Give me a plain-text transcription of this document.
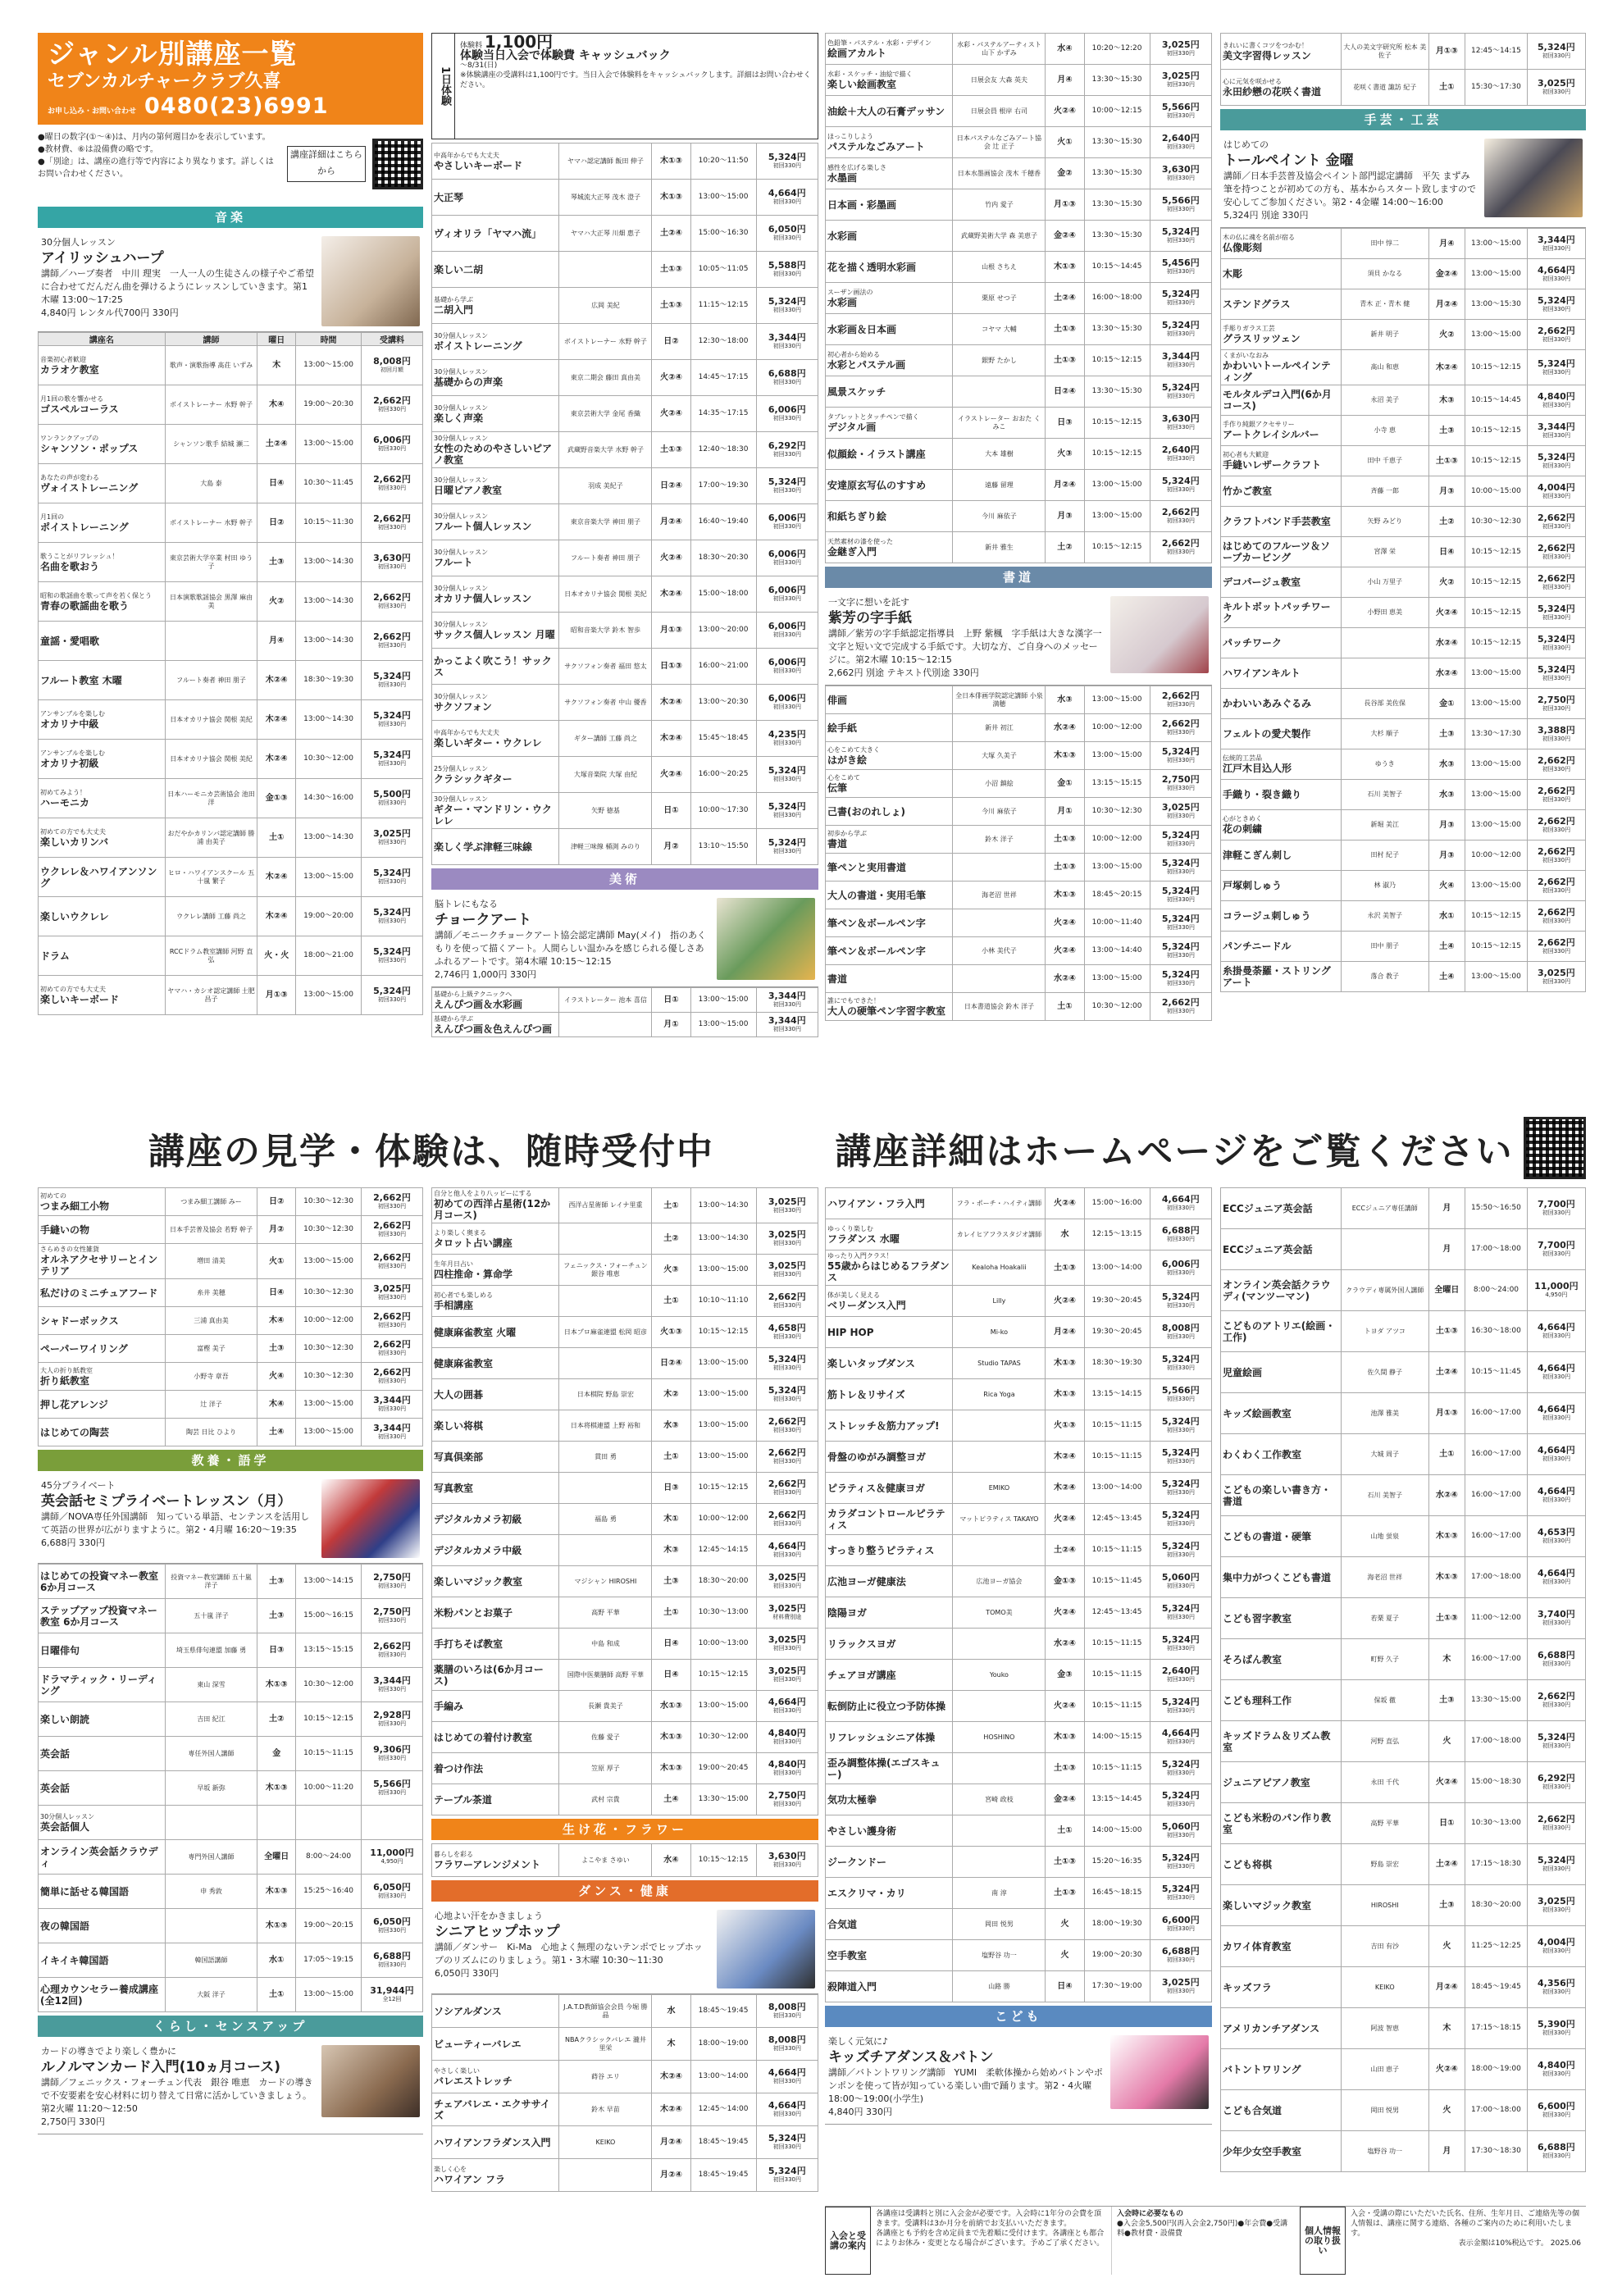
ジャンル別講座一覧
セブンカルチャークラブ久喜
お申し込み・お問い合わせ 0480(23)6991
●曜日の数字(①〜④)は、月内の第何週目かを表示しています。
●教材費、⑥は設備費の略です。
●「別途」は、講座の進行等で内容により異なります。詳しくはお問い合わせください。
講座詳細はこちらから
音楽
30分個人レッスン
アイリッシュハープ
講師／ハープ奏者　中川 理実　一人一人の生徒さんの様子やご希望に合わせてだんだん曲を弾けるようにレッスンしていきます。第1木曜 13:00〜17:25
4,840円 レンタル代700円 330円
講座名	講師	曜日	時間	受講料

音楽初心者歓迎
カラオケ教室	歌声・演歌指導 髙荘 いずみ	木	13:00〜15:00	8,008円
初回月額

月1回の歌を響かせる
ゴスペルコーラス	ボイストレーナー 水野 幹子	木④	19:00〜20:30	2,662円
初回330円

ワンランクアップの
シャンソン・ポップス	シャンソン歌手 結城 瀬二	土②④	13:00〜15:00	6,006円
初回330円

あなたの声が変わる
ヴォイストレーニング	大島 泰	日④	10:30〜11:45	2,662円
初回330円

月1回の
ポイストレーニング	ボイストレーナー 水野 幹子	日②	10:15〜11:30	2,662円
初回330円

歌うことがリフレッシュ！
名曲を歌おう	東京芸術大学卒業 村田 ゆう子	土③	13:00〜14:30	3,630円
初回330円

昭和の歌謡曲を歌って声を若く保とう
青春の歌謡曲を歌う	日本演歌歌謡協会 黒澤 麻由美	火②	13:00〜14:30	2,662円
初回330円

童謡・愛唱歌		月④	13:00〜14:30	2,662円
初回330円

フルート教室 木曜	フルート奏者 神田 朋子	木②④	18:30〜19:30	5,324円
初回330円

アンサンブルを楽しむ
オカリナ中級	日本オカリナ協会 関根 美紀	木②④	13:00〜14:30	5,324円
初回330円

アンサンブルを楽しむ
オカリナ初級	日本オカリナ協会 関根 美紀	木②④	10:30〜12:00	5,324円
初回330円

初めてみよう！
ハーモニカ	日本ハーモニカ芸術協会 池田 洋	金①③	14:30〜16:00	5,500円
初回330円

初めての方でも大丈夫
楽しいカリンバ	おだやかカリンバ認定講師 勝浦 由美子	土①	13:00〜14:30	3,025円
初回330円

ウクレレ＆ハワイアンソング	ヒロ・ハワイアンスクール 五十嵐 繁子	木②④	13:00〜15:00	5,324円
初回330円

楽しいウクレレ	ウクレレ講師 工藤 尚之	木②④	19:00〜20:00	5,324円
初回330円

ドラム	RCCドラム教室講師 河野 直弘	火・火	18:00〜21:00	5,324円
初回330円

初めての方でも大丈夫
楽しいキーボード	ヤマハ・カシオ認定講師 土肥 昌子	月①③	13:00〜15:00	5,324円
初回330円
1日体験
体験料 1,100円
体験当日入会で体験費 キャッシュバック
〜8/31(日)
※体験講座の受講料は1,100円です。当日入会で体験料をキャッシュバックします。詳細はお問い合わせください。
中高年からでも大丈夫
やさしいキーボード	ヤマハ認定講師 飯田 伸子	木①③	10:20〜11:50	5,324円
初回330円

大正琴	琴城流大正琴 茂木 澄子	木①③	13:00〜15:00	4,664円
初回330円

ヴィオリラ「ヤマハ流」	ヤマハ大正琴 川畑 惠子	土②④	15:00〜16:30	6,050円
初回330円

楽しい二胡		土①③	10:05〜11:05	5,588円
初回330円

基礎から学ぶ
二胡入門	広岡 美紀	土①③	11:15〜12:15	5,324円
初回330円

30分個人レッスン
ボイストレーニング	ボイストレーナー 水野 幹子	日②	12:30〜18:00	3,344円
初回330円

30分個人レッスン
基礎からの声楽	東京二期会 藤田 真由美	火②④	14:45〜17:15	6,688円
初回330円

30分個人レッスン
楽しく声楽	東京芸術大学 金尾 香織	火②④	14:35〜17:15	6,006円
初回330円

30分個人レッスン
女性のためのやさしいピアノ教室	武蔵野音楽大学 水野 幹子	土①③	12:40〜18:30	6,292円
初回330円

30分個人レッスン
日曜ピアノ教室	羽成 美紀子	日②④	17:00〜19:30	5,324円
初回330円

30分個人レッスン
フルート個人レッスン	東京音楽大学 神田 朋子	月②④	16:40〜19:40	6,006円
初回330円

30分個人レッスン
フルート	フルート奏者 神田 朋子	火②④	18:30〜20:30	6,006円
初回330円

30分個人レッスン
オカリナ個人レッスン	日本オカリナ協会 関根 美紀	木②④	15:00〜18:00	6,006円
初回330円

30分個人レッスン
サックス個人レッスン 月曜	昭和音楽大学 鈴木 智歩	月①③	13:00〜20:00	6,006円
初回330円

かっこよく吹こう！サックス	サクソフォン奏者 福田 悠太	日①③	16:00〜21:00	6,006円
初回330円

30分個人レッスン
サクソフォン	サクソフォン奏者 中山 優香	木②④	13:00〜20:30	6,006円
初回330円

中高年からでも大丈夫
楽しいギター・ウクレレ	ギター講師 工藤 尚之	木②④	15:45〜18:45	4,235円
初回330円

25分個人レッスン
クラシックギター	大塚音楽院 大塚 由紀	火②④	16:00〜20:25	5,324円
初回330円

30分個人レッスン
ギター・マンドリン・ウクレレ	矢野 徳基	日①	10:00〜17:30	5,324円
初回330円

楽しく学ぶ津軽三味線	津軽三味線 桶渕 みのり	月②	13:10〜15:50	5,324円
初回330円
美術
脳トレにもなる
チョークアート
講師／モニークチョークアート協会認定講師 May(メイ)　指のあくもりを使って描くアート。人間らしい温かみを感じられる優しさあふれるアートです。第4木曜 10:15〜12:15
2,746円 1,000円 330円
基礎から上級テクニックへ
えんぴつ画＆水彩画	イラストレーター 池本 喜信	日①	13:00〜15:00	3,344円
初回330円

基礎から学ぶ
えんぴつ画＆色えんぴつ画		月①	13:00〜15:00	3,344円
初回330円
色鉛筆・パステル・水彩・デザイン
絵画アカルト	水彩・パステルアーティスト 山下 かずみ	水④	10:20〜12:20	3,025円
初回330円

水彩・スケッチ・油絵で描く
楽しい絵画教室	日展会友 大森 英夫	月④	13:30〜15:30	3,025円
初回330円

油絵＋大人の石膏デッサン	日展会員 根岸 右司	火②④	10:00〜12:15	5,566円
初回330円

ほっこりしよう
パステルなごみアート	日本パステルなごみアート協会 辻 正子	火①	13:30〜15:30	2,640円
初回330円

感性を広げる楽しさ
水墨画	日本水墨画協会 茂木 千穂香	金②	13:30〜15:30	3,630円
初回330円

日本画・彩墨画	竹内 愛子	月①③	13:30〜15:30	5,566円
初回330円

水彩画	武蔵野美術大学 森 美恵子	金②④	13:30〜15:30	5,324円
初回330円

花を描く透明水彩画	山根 さちえ	木①③	10:15〜14:45	5,456円
初回330円

スーザン画法の
水彩画	栗原 せつ子	土②④	16:00〜18:00	5,324円
初回330円

水彩画＆日本画	コヤマ 大輔	土①③	13:30〜15:30	5,324円
初回330円

初心者から始める
水彩とパステル画	銀野 たかし	土①③	10:15〜12:15	3,344円
初回330円

風景スケッチ		日②④	13:30〜15:30	5,324円
初回330円

タブレットとタッチペンで描く
デジタル画	イラストレーター おおた くみこ	日③	10:15〜12:15	3,630円
初回330円

似顔絵・イラスト講座	大本 雄樹	火③	10:15〜12:15	2,640円
初回330円

安達原玄写仏のすすめ	遠藤 留理	月②④	13:00〜15:00	5,324円
初回330円

和紙ちぎり絵	今川 麻依子	月③	13:00〜15:00	2,662円
初回330円

天然素材の漆を使った
金継ぎ入門	新井 雅生	土②	10:15〜12:15	2,662円
初回330円
書道
一文字に想いを託す
紫芳の字手紙
講師／紫芳の字手紙認定指導員　上野 紫楓　字手紙は大きな漢字一文字と短い文で完成する手紙です。大切な方、ご自身へのメッセージに。第2木曜 10:15〜12:15
2,662円 別途 テキスト代別途 330円
俳画	全日本俳画学院認定講師 小泉 満穂	水③	13:00〜15:00	2,662円
初回330円

絵手紙	新井 初江	水②④	10:00〜12:00	2,662円
初回330円

心をこめて大きく
はがき絵	大塚 久美子	木①③	13:00〜15:00	5,324円
初回330円

心をこめて
伝筆	小沼 鎮絵	金①	13:15〜15:15	2,750円
初回330円

己書(おのれしょ)	今川 麻依子	月①	10:30〜12:30	3,025円
初回330円

初歩から学ぶ
書道	鈴木 洋子	土①③	10:00〜12:00	5,324円
初回330円

筆ペンと実用書道		土①③	13:00〜15:00	5,324円
初回330円

大人の書道・実用毛筆	海老沼 世祥	木①③	18:45〜20:15	5,324円
初回330円

筆ペン＆ボールペン字		火②④	10:00〜11:40	5,324円
初回330円

筆ペン＆ボールペン字	小林 美代子	火②④	13:00〜14:40	5,324円
初回330円

書道		水②④	13:00〜15:00	5,324円
初回330円

誰にでもできた！
大人の硬筆ペン字習字教室	日本書道協会 鈴木 洋子	土①	10:30〜12:00	2,662円
初回330円
きれいに書くコツをつかむ！
美文字習得レッスン	大人の美文字研究所 松本 美佐子	月①③	12:45〜14:15	5,324円
初回330円

心に元気を咲かせる
永田紗戀の花咲く書道	花咲く書道 諏訪 紀子	土①	15:30〜17:30	3,025円
初回330円
手芸・工芸
はじめての
トールペイント 金曜
講師／日本手芸普及協会ペイント部門認定講師　平矢 まずみ　筆を持つことが初めての方も、基本からスタート致しますので安心してご参加ください。第2・4金曜 14:00〜16:00
5,324円 別途 330円
木の仏に魂を名前が宿る
仏像彫刻	田中 惇二	月④	13:00〜15:00	3,344円
初回330円

木彫	須貝 かなる	金②④	13:00〜15:00	4,664円
初回330円

ステンドグラス	青木 正・青木 健	月②④	13:00〜15:30	5,324円
初回330円

手彫りガラス工芸
グラスリッツェン	新井 明子	火②	13:00〜15:00	2,662円
初回330円

くまがいなおみ
かわいいトールペインティング	髙山 和恵	木②④	10:15〜12:15	5,324円
初回330円

モルタルデコ入門(6か月コース)	永沼 美子	木③	10:15〜14:45	4,840円
初回330円

手作り純銀アクセサリー
アートクレイシルバー	小寺 恵	土③	10:15〜12:15	3,344円
初回330円

初心者も大歓迎
手縫いレザークラフト	田中 千恵子	土①③	10:15〜12:15	5,324円
初回330円

竹かご教室	斉藤 一郎	月③	10:00〜15:00	4,004円
初回330円

クラフトバンド手芸教室	矢野 みどり	土②	10:30〜12:30	2,662円
初回330円

はじめてのフルーツ＆ソープカービング	宮澤 栄	日④	10:15〜12:15	2,662円
初回330円

デコパージュ教室	小山 万里子	火②	10:15〜12:15	2,662円
初回330円

キルトボットパッチワーク	小野田 恵美	火②④	10:15〜12:15	5,324円
初回330円

パッチワーク		水②④	10:15〜12:15	5,324円
初回330円

ハワイアンキルト		水②④	13:00〜15:00	5,324円
初回330円

かわいいあみぐるみ	長谷部 美佐保	金①	13:00〜15:00	2,750円
初回330円

フェルトの愛犬製作	大杉 順子	土③	13:30〜17:30	3,388円
初回330円

伝統的工芸品
江戸木目込人形	ゆうき	水③	13:00〜15:00	2,662円
初回330円

手織り・裂き織り	石川 美智子	水③	13:00〜15:00	2,662円
初回330円

心がときめく
花の刺繍	新堀 美江	月③	13:00〜15:00	2,662円
初回330円

津軽こぎん刺し	田村 紀子	月③	10:00〜12:00	2,662円
初回330円

戸塚刺しゅう	林 淑乃	火④	13:00〜15:00	2,662円
初回330円

コラージュ刺しゅう	永沢 美智子	水①	10:15〜12:15	2,662円
初回330円

パンチニードル	田中 朋子	土④	10:15〜12:15	2,662円
初回330円

糸掛曼荼羅・ストリングアート	落合 教子	土④	13:00〜15:00	3,025円
初回330円
講座の見学・体験は、随時受付中	講座詳細はホームページをご覧ください
初めての
つまみ細工小物	つまみ細工講師 みー	日②	10:30〜12:30	2,662円
初回330円

手縫いの物	日本手芸普及協会 若野 幹子	月②	10:30〜12:30	2,662円
初回330円

さらめきの女性雑貨
オルネアクセサリーとインテリア	増田 清美	火①	13:00〜15:00	2,662円
初回330円

私だけのミニチュアフード	糸井 美穂	日④	10:30〜12:30	3,025円
初回330円

シャドーボックス	三浦 真由美	木④	10:00〜12:00	2,662円
初回330円

ペーパーワイリング	富樫 美子	土③	10:30〜12:30	2,662円
初回330円

大人の折り紙教室
折り紙教室	小野寺 章吾	火④	10:30〜12:30	2,662円
初回330円

押し花アレンジ	辻 洋子	木④	13:00〜15:00	3,344円
初回330円

はじめての陶芸	陶芸 日比 ひより	土④	13:00〜15:00	3,344円
初回330円
教養・語学
45分プライベート
英会話セミプライベートレッスン（月）
講師／NOVA専任外国講師　知っている単語、センテンスを活用して英語の世界が広がりますように。第2・4月曜 16:20〜19:35
6,688円 330円
はじめての投資マネー教室 6か月コース	投資マネー教室講師 五十嵐 洋子	土③	13:00〜14:15	2,750円
初回330円

ステップアップ投資マネー教室 6か月コース	五十嵐 洋子	土③	15:00〜16:15	2,750円
初回330円

日曜俳句	埼玉県俳句連盟 加藤 勇	日③	13:15〜15:15	2,662円
初回330円

ドラマティック・リーディング	東山 深雪	木①③	10:30〜12:00	3,344円
初回330円

楽しい朗読	吉田 紀江	土②	10:15〜12:15	2,928円
初回330円

英会話	専任外国人講師	金	10:15〜11:15	9,306円
初回330円

英会話	早坂 新弥	木①③	10:00〜11:20	5,566円
初回330円

30分個人レッスン
英会話個人				

オンライン英会話クラウディ	専門外国人講師	全曜日	8:00〜24:00	11,000円
4,950円

簡単に話せる韓国語	申 秀敦	木①③	15:25〜16:40	6,050円
初回330円

夜の韓国語		木①③	19:00〜20:15	6,050円
初回330円

イキイキ韓国語	韓国語講師	水①	17:05〜19:15	6,688円
初回330円

心理カウンセラー養成講座(全12回)	大阪 洋子	土①	13:00〜15:00	31,944円
全12回
くらし・センスアップ
カードの導きでより楽しく豊かに
ルノルマンカード入門(10ヵ月コース)
講師／フェニックス・フォーチュン代表　銀谷 唯恵　カードの導きで不安要素を安心材料に切り替えて日常に活かしていきましょう。第2火曜 11:20〜12:50
2,750円 330円
自分と他人をより八ッピーにする
初めての西洋占星術(12か月コース)	西洋占星術師 レイナ里重	土①	13:00〜14:30	3,025円
初回330円

より楽しく奥まる
タロット占い講座		土②	13:00〜14:30	3,025円
初回330円

生年月日占い
四柱推命・算命学	フェニックス・フォーチュン 銀谷 唯恵	火③	13:00〜15:00	3,025円
初回330円

初心者でも楽しめる
手相講座		土①	10:10〜11:10	2,662円
初回330円

健康麻雀教室 火曜	日本プロ麻雀連盟 松岡 昭彦	火①③	10:15〜12:15	4,658円
初回330円

健康麻雀教室		日②④	13:00〜15:00	5,324円
初回330円

大人の囲碁	日本棋院 野島 崇宏	木②	13:00〜15:00	5,324円
初回330円

楽しい将棋	日本将棋連盟 上野 裕和	水③	13:00〜15:00	2,662円
初回330円

写真倶楽部	貫田 勇	土①	13:00〜15:00	2,662円
初回330円

写真教室		日③	10:15〜12:15	2,662円
初回330円

デジタルカメラ初級	福島 勇	木①	10:00〜12:00	2,662円
初回330円

デジタルカメラ中級		木③	12:45〜14:15	4,664円
初回330円

楽しいマジック教室	マジシャン HIROSHI	土③	18:30〜20:00	3,025円
初回330円

米粉パンとお菓子	高野 平華	土①	10:30〜13:00	3,025円
材料費別途

手打ちそば教室	中島 和成	日④	10:00〜13:00	3,025円
初回330円

薬膳のいろは(6か月コース)	国際中医薬膳師 高野 平華	日④	10:15〜12:15	3,025円
初回330円

手編み	長瀬 貴美子	水①③	13:00〜15:00	4,664円
初回330円

はじめての着付け教室	佐藤 愛子	木①③	10:30〜12:00	4,840円
初回330円

着つけ作法	笠原 厚子	木①③	19:00〜20:45	4,840円
初回330円

テーブル茶道	武村 宗貴	土④	13:30〜15:00	2,750円
初回330円
生け花・フラワー
暮らしを彩る
フラワーアレンジメント	よこやま さゆい	水④	10:15〜12:15	3,630円
初回330円
ダンス・健康
心地よい汗をかきましょう
シニアヒップホップ
講師／ダンサー　Ki-Ma　心地よく無理のないテンポでヒップホップのリズムにのりましょう。第1・3木曜 10:30〜11:30
6,050円 330円
ソシアルダンス	J.A.T.D教師協会会員 今堀 勝晶	水	18:45〜19:45	8,008円
初回330円

ビューティーバレエ	NBAクラシックバレエ 瀧井 里栄	木	18:00〜19:00	8,008円
初回330円

やさしく楽しい
バレエストレッチ	蒔谷 エリ	木②④	13:00〜14:00	4,664円
初回330円

チェアバレエ・エクササイズ	鈴木 早苗	木②④	12:45〜14:00	4,664円
初回330円

ハワイアンフラダンス入門	KEIKO	月②④	18:45〜19:45	5,324円
初回330円

楽しく心を
ハワイアン フラ		月②④	18:45〜19:45	5,324円
初回330円
ハワイアン・フラ入門	フラ・ポーチ・ハイティ講師	火②④	15:00〜16:00	4,664円
初回330円

ゆっくり楽しむ
フラダンス 水曜	カレイヒアフラスタジオ講師	水	12:15〜13:15	6,688円
初回330円

ゆったり入門クラス！
55歳からはじめるフラダンス	Kealoha Hoakalii	土①③	13:00〜14:00	6,006円
初回330円

体が美しく見える
ベリーダンス入門	Lilly	火②④	19:30〜20:45	5,324円
初回330円

HIP HOP	Mi-ko	月②④	19:30〜20:45	8,008円
初回330円

楽しいタップダンス	Studio TAPAS	木①③	18:30〜19:30	5,324円
初回330円

筋トレ＆リサイズ	Rica Yoga	木①③	13:15〜14:15	5,566円
初回330円

ストレッチ＆筋力アップ!		火①③	10:15〜11:15	5,324円
初回330円

骨盤のゆがみ調整ヨガ		木②④	10:15〜11:15	5,324円
初回330円

ピラティス＆健康ヨガ	EMIKO	木②④	13:00〜14:00	5,324円
初回330円

カラダコントロールピラティス	マットピラティス TAKAYO	火②④	12:45〜13:45	5,324円
初回330円

すっきり整うピラティス		土②④	10:15〜11:15	5,324円
初回330円

広池ヨーガ健康法	広池ヨーガ協会	金①③	10:15〜11:45	5,060円
初回330円

陰陽ヨガ	TOMO美	火②④	12:45〜13:45	5,324円
初回330円

リラックスヨガ		水②④	10:15〜11:15	5,324円
初回330円

チェアヨガ講座	Youko	金③	10:15〜11:15	2,640円
初回330円

転倒防止に役立つ予防体操		火②④	10:15〜11:15	5,324円
初回330円

リフレッシュシニア体操	HOSHINO	木①③	14:00〜15:15	4,664円
初回330円

歪み調整体操(エゴスキュー)		土①③	10:15〜11:15	5,324円
初回330円

気功太極拳	宮崎 政枝	金②④	13:15〜14:45	5,324円
初回330円

やさしい護身術		土①	14:00〜15:00	5,060円
初回330円

ジークンドー		土①③	15:20〜16:35	5,324円
初回330円

エスクリマ・カリ	南 淳	土①③	16:45〜18:15	5,324円
初回330円

合気道	岡田 悦男	火	18:00〜19:30	6,600円
初回330円

空手教室	塩野谷 功一	火	19:00〜20:30	6,688円
初回330円

殺陣道入門	山路 勝	日④	17:30〜19:00	3,025円
初回330円
こども
楽しく元気に♪
キッズチアダンス＆バトン
講師／バトントワリング講師　YUMI　柔軟体操から始めバトンやポンポンを使って皆が知っている楽しい曲で踊ります。第2・4火曜 18:00〜19:00(小学生)
4,840円 330円
ECCジュニア英会話	ECCジュニア専任講師	月	15:50〜16:50	7,700円
初回330円

ECCジュニア英会話		月	17:00〜18:00	7,700円
初回330円

オンライン英会話クラウディ(マンツーマン)	クラウディ専属外国人講師	全曜日	8:00〜24:00	11,000円
4,950円

こどものアトリエ(絵画・工作)	トヨダ アツコ	土①③	16:30〜18:00	4,664円
初回330円

児童絵画	佐久間 静子	土②④	10:15〜11:45	4,664円
初回330円

キッズ絵画教室	池澤 雅美	月①③	16:00〜17:00	4,664円
初回330円

わくわく工作教室	大城 周子	土①	16:00〜17:00	4,664円
初回330円

こどもの楽しい書き方・書道	石川 美智子	水②④	16:00〜17:00	4,664円
初回330円

こどもの書道・硬筆	山地 蛍泉	木①③	16:00〜17:00	4,653円
初回330円

集中力がつくこども書道	海老沼 世祥	木①③	17:00〜18:00	4,664円
初回330円

こども習字教室	若栗 夏子	土①③	11:00〜12:00	3,740円
初回330円

そろばん教室	町野 久子	木	16:00〜17:00	6,688円
初回330円

こども理科工作	保坂 徹	土③	13:30〜15:00	2,662円
初回330円

キッズドラム＆リズム教室	河野 直弘	火	17:00〜18:00	5,324円
初回330円

ジュニアピアノ教室	永田 千代	火②④	15:00〜18:30	6,292円
初回330円

こども米粉のパン作り教室	高野 平華	日①	10:30〜13:00	2,662円
初回330円

こども将棋	野島 崇宏	土②④	17:15〜18:30	5,324円
初回330円

楽しいマジック教室	HIROSHI	土③	18:30〜20:00	3,025円
初回330円

カワイ体育教室	吉田 有沙	火	11:25〜12:25	4,004円
初回330円

キッズフラ	KEIKO	月②④	18:45〜19:45	4,356円
初回330円

アメリカンチアダンス	阿波 智恵	木	17:15〜18:15	5,390円
初回330円

バトントワリング	山田 恵子	火②④	18:00〜19:00	4,840円
初回330円

こども合気道	岡田 悦男	火	17:00〜18:00	6,600円
初回330円

少年少女空手教室	塩野谷 功一	月	17:30〜18:30	6,688円
初回330円
入会と受講の案内
各講座は受講料と別に入会金が必要です。入会時に1年分の会費を頂きます。受講料は3か月分を前納でお支払いいただきます。
各講座とも予約を含め定員まで先着順に受付けます。各講座とも都合によりお休み・変更となる場合がございます。予めご了承ください。
入会時に必要なもの
●入会金5,500円(再入会金2,750円)●年会費●受講料●教材費・設備費	個人情報の取り扱い
入会・受講の際にいただいた氏名、住所、生年月日、ご連絡先等の個人情報は、講座に関する連絡、各種のご案内のために利用いたします。
表示金額は10%税込です。 2025.06
